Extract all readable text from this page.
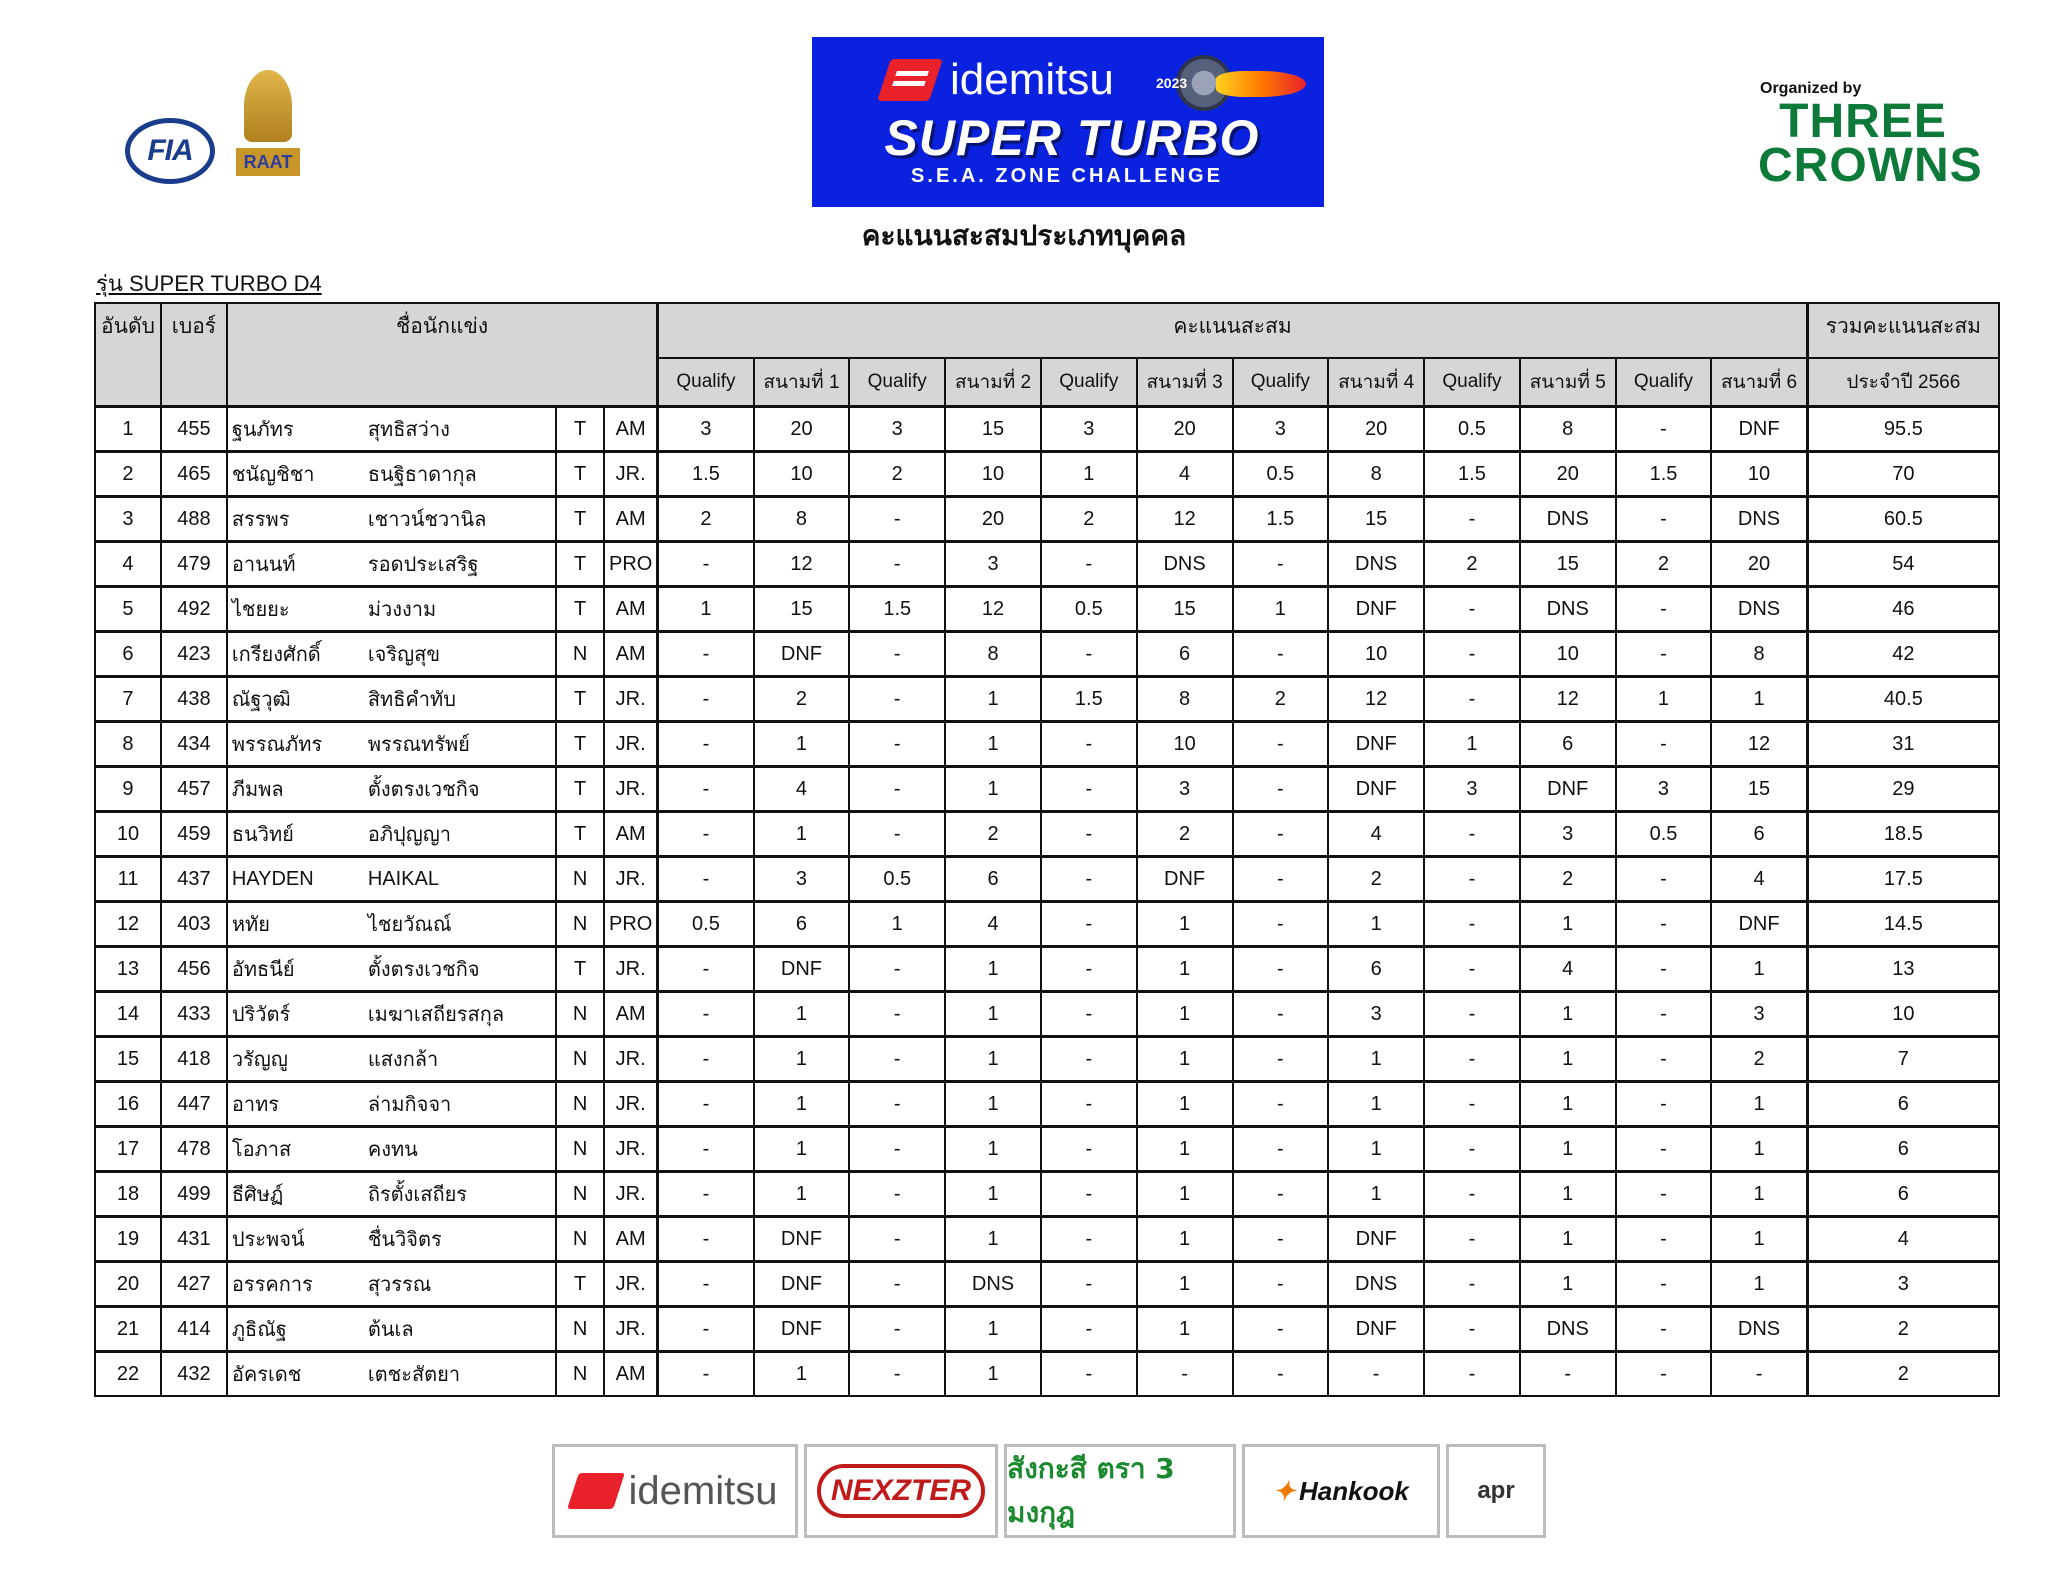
FIA	RAAT
idemitsu	2023
SUPER TURBO
S.E.A. ZONE CHALLENGE
Organized by
THREE CROWNS
คะแนนสะสมประเภทบุคคล
รุ่น SUPER TURBO D4
อันดับ	เบอร์	ชื่อนักแข่ง			คะแนนสะสม												รวมคะแนนสะสม
					Qualify	สนามที่ 1	Qualify	สนามที่ 2	Qualify	สนามที่ 3	Qualify	สนามที่ 4	Qualify	สนามที่ 5	Qualify	สนามที่ 6	ประจำปี 2566
1	455	ฐนภัทร สุทธิสว่าง	T	AM	3	20	3	15	3	20	3	20	0.5	8	-	DNF	95.5
2	465	ชนัญชิชา ธนฐิธาดากุล	T	JR.	1.5	10	2	10	1	4	0.5	8	1.5	20	1.5	10	70
3	488	สรรพร เชาวน์ชวานิล	T	AM	2	8	-	20	2	12	1.5	15	-	DNS	-	DNS	60.5
4	479	อานนท์ รอดประเสริฐ	T	PRO	-	12	-	3	-	DNS	-	DNS	2	15	2	20	54
5	492	ไชยยะ ม่วงงาม	T	AM	1	15	1.5	12	0.5	15	1	DNF	-	DNS	-	DNS	46
6	423	เกรียงศักดิ์ เจริญสุข	N	AM	-	DNF	-	8	-	6	-	10	-	10	-	8	42
7	438	ณัฐวุฒิ สิทธิคำทับ	T	JR.	-	2	-	1	1.5	8	2	12	-	12	1	1	40.5
8	434	พรรณภัทร พรรณทรัพย์	T	JR.	-	1	-	1	-	10	-	DNF	1	6	-	12	31
9	457	ภีมพล ตั้งตรงเวชกิจ	T	JR.	-	4	-	1	-	3	-	DNF	3	DNF	3	15	29
10	459	ธนวิทย์ อภิปุญญา	T	AM	-	1	-	2	-	2	-	4	-	3	0.5	6	18.5
11	437	HAYDEN HAIKAL	N	JR.	-	3	0.5	6	-	DNF	-	2	-	2	-	4	17.5
12	403	หทัย ไชยวัณณ์	N	PRO	0.5	6	1	4	-	1	-	1	-	1	-	DNF	14.5
13	456	อัทธนีย์ ตั้งตรงเวชกิจ	T	JR.	-	DNF	-	1	-	1	-	6	-	4	-	1	13
14	433	ปริวัตร์ เมฆาเสถียรสกุล	N	AM	-	1	-	1	-	1	-	3	-	1	-	3	10
15	418	วรัญญู แสงกล้า	N	JR.	-	1	-	1	-	1	-	1	-	1	-	2	7
16	447	อาทร ล่ามกิจจา	N	JR.	-	1	-	1	-	1	-	1	-	1	-	1	6
17	478	โอภาส คงทน	N	JR.	-	1	-	1	-	1	-	1	-	1	-	1	6
18	499	ธีศิษฏ์ ถิรตั้งเสถียร	N	JR.	-	1	-	1	-	1	-	1	-	1	-	1	6
19	431	ประพจน์ ชื่นวิจิตร	N	AM	-	DNF	-	1	-	1	-	DNF	-	1	-	1	4
20	427	อรรคการ สุวรรณ	T	JR.	-	DNF	-	DNS	-	1	-	DNS	-	1	-	1	3
21	414	ภูธิณัฐ ต้นเล	N	JR.	-	DNF	-	1	-	1	-	DNF	-	DNS	-	DNS	2
22	432	อัครเดช เตชะสัตยา	N	AM	-	1	-	1	-	-	-	-	-	-	-	-	2
idemitsu	NEXZTER
สังกะสี ตรา 3 มงกุฎ
✦ Hankook	apr
